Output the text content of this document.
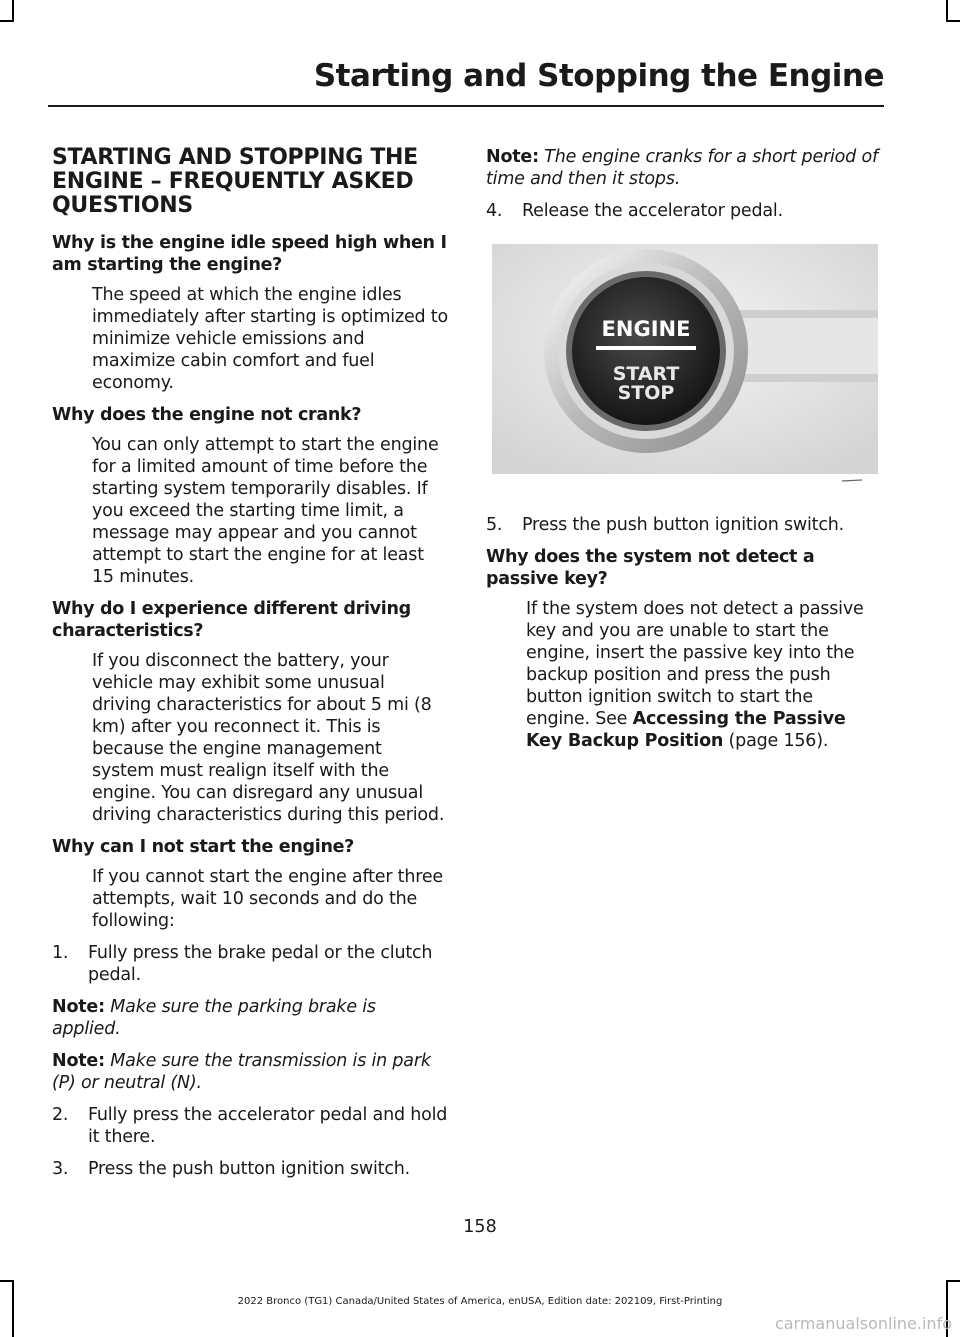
Starting and Stopping the Engine
STARTING AND STOPPING THE ENGINE – FREQUENTLY ASKED QUESTIONS
Why is the engine idle speed high when I am starting the engine?
The speed at which the engine idles immediately after starting is optimized to minimize vehicle emissions and maximize cabin comfort and fuel economy.
Why does the engine not crank?
You can only attempt to start the engine for a limited amount of time before the starting system temporarily disables. If you exceed the starting time limit, a message may appear and you cannot attempt to start the engine for at least 15 minutes.
Why do I experience different driving characteristics?
If you disconnect the battery, your vehicle may exhibit some unusual driving characteristics for about 5 mi (8 km) after you reconnect it. This is because the engine management system must realign itself with the engine. You can disregard any unusual driving characteristics during this period.
Why can I not start the engine?
If you cannot start the engine after three attempts, wait 10 seconds and do the following:
1.	Fully press the brake pedal or the clutch pedal.
Note: Make sure the parking brake is applied.
Note: Make sure the transmission is in park (P) or neutral (N).
2.	Fully press the accelerator pedal and hold it there.
3.	Press the push button ignition switch.
Note: The engine cranks for a short period of time and then it stops.
4.	Release the accelerator pedal.
ENGINE
START
STOP
5.	Press the push button ignition switch.
Why does the system not detect a passive key?
If the system does not detect a passive key and you are unable to start the engine, insert the passive key into the backup position and press the push button ignition switch to start the engine. See Accessing the Passive Key Backup Position (page 156).
158
2022 Bronco (TG1) Canada/United States of America, enUSA, Edition date: 202109, First-Printing
carmanualsonline.info
